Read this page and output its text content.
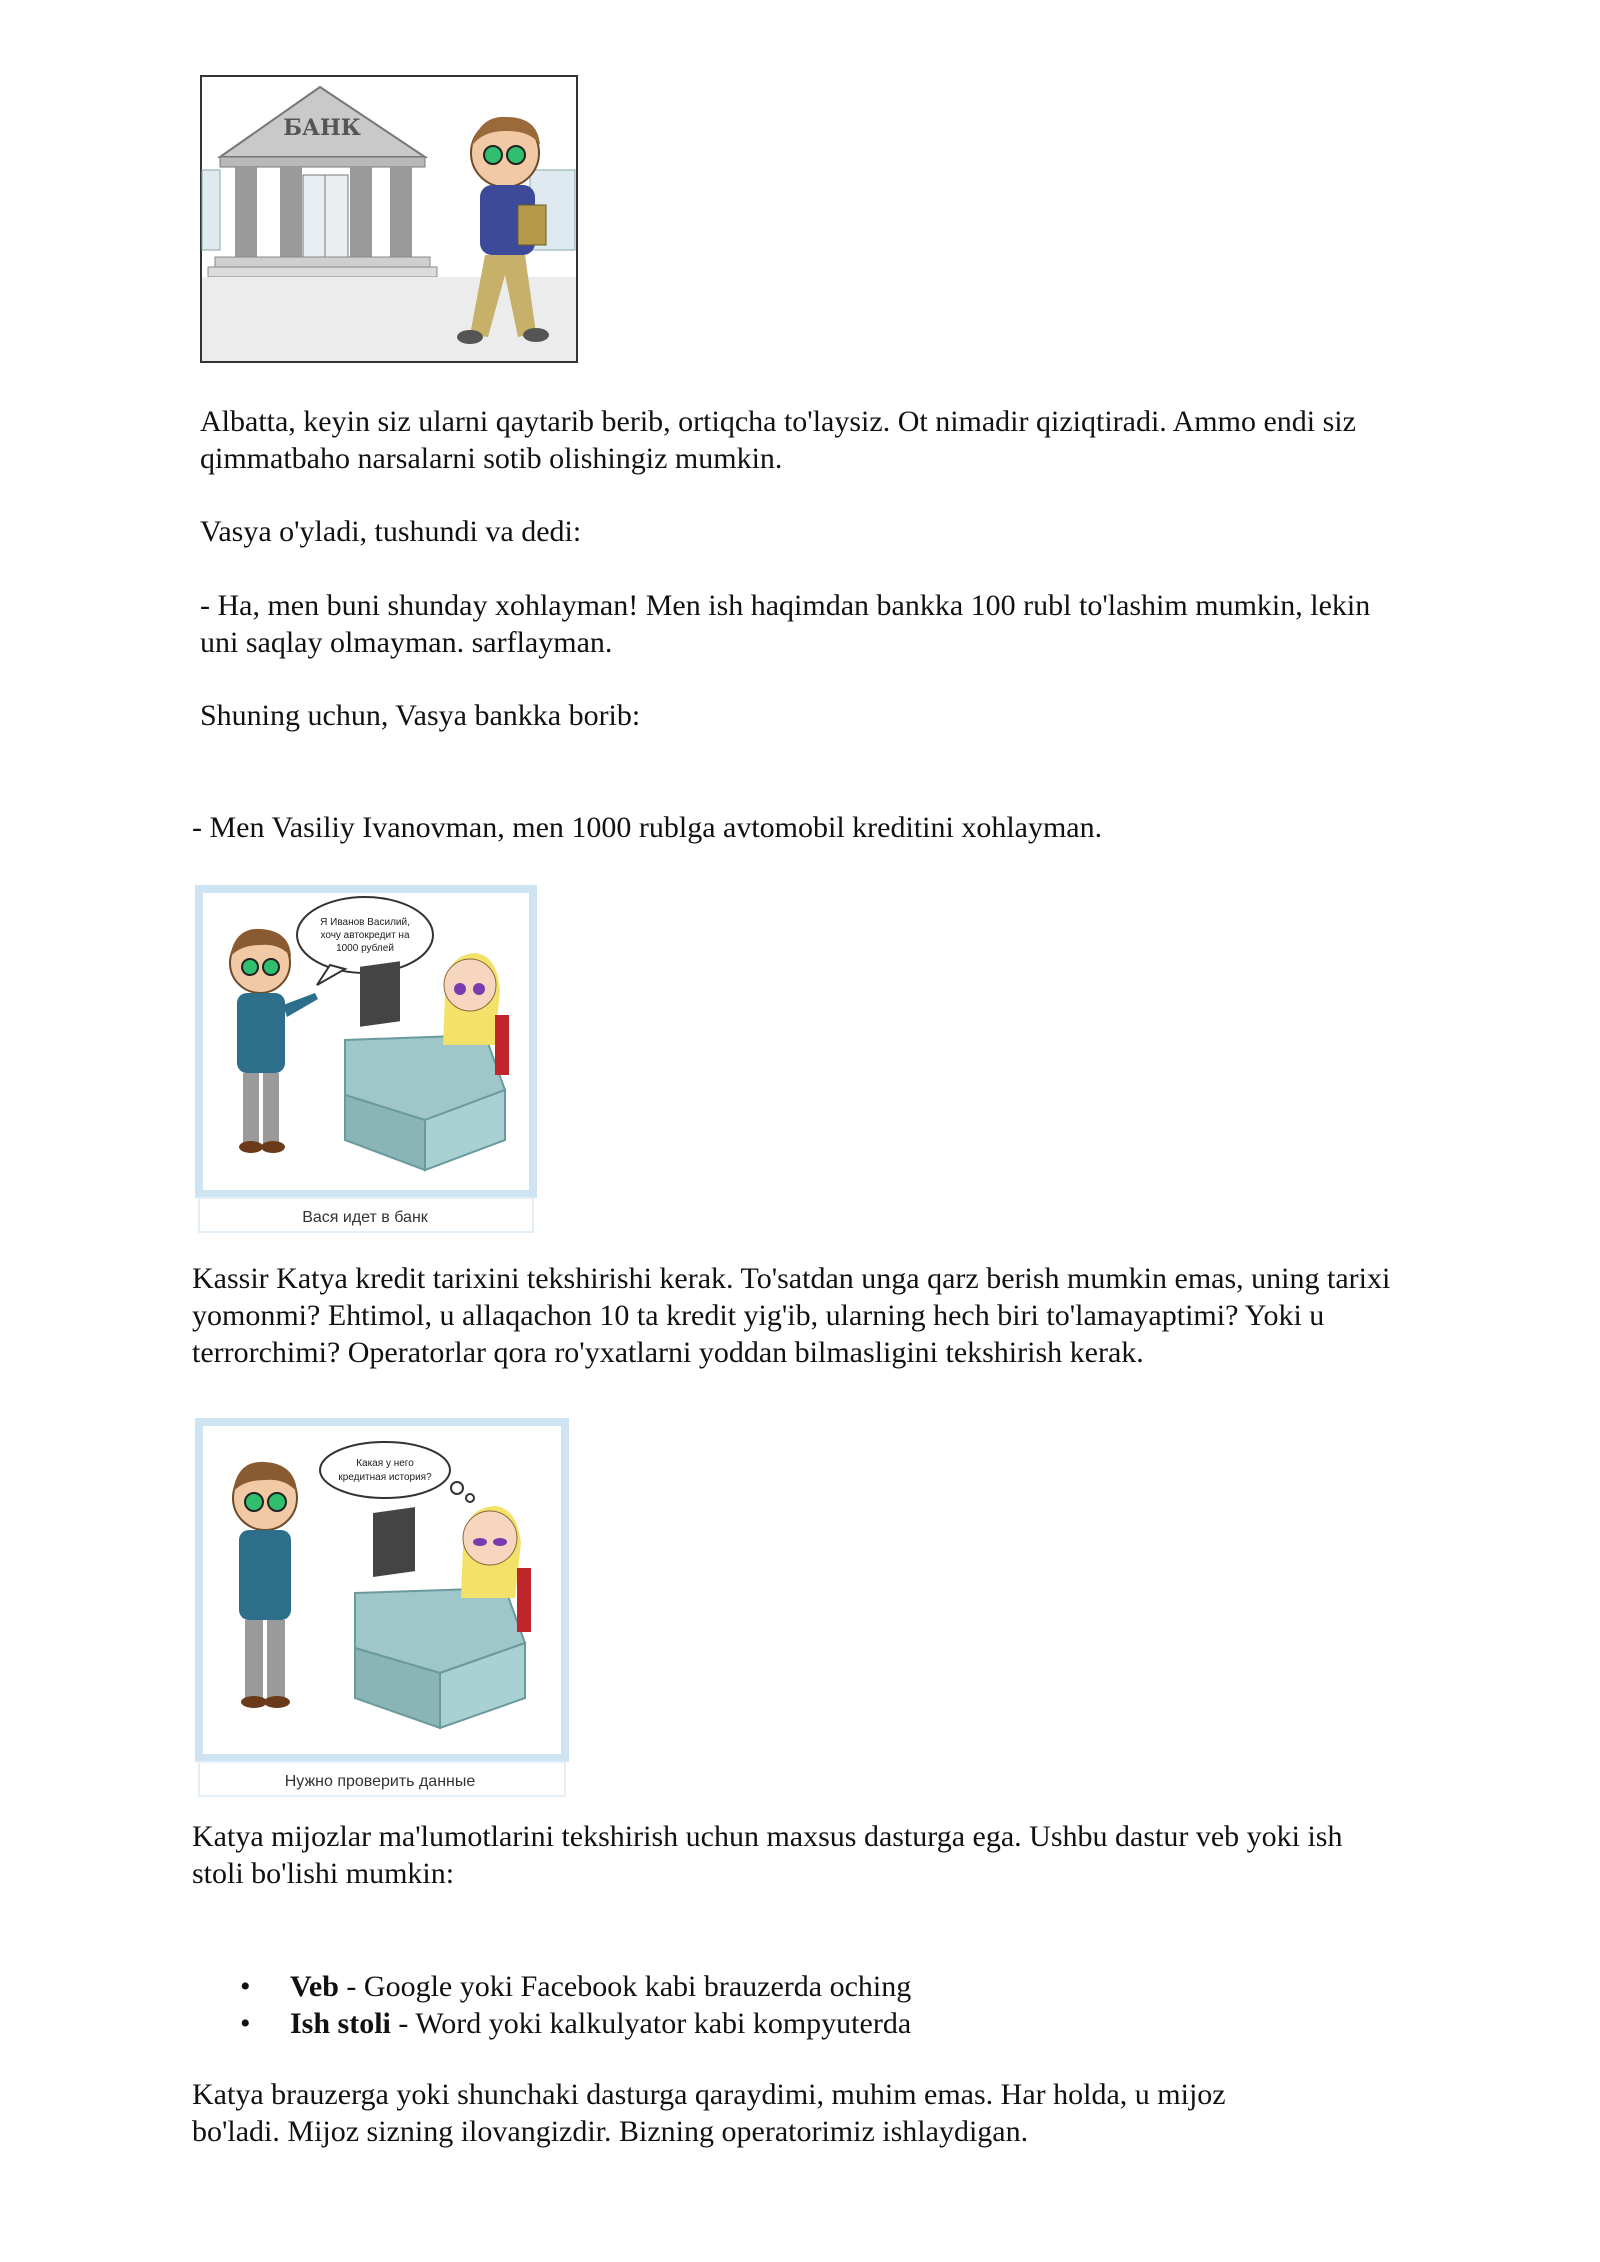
БАНК

Albatta, keyin siz ularni qaytarib berib, ortiqcha to'laysiz. Ot nimadir qiziqtiradi. Ammo endi siz
qimmatbaho narsalarni sotib olishingiz mumkin.

Vasya o'yladi, tushundi va dedi:

- Ha, men buni shunday xohlayman! Men ish haqimdan bankka 100 rubl to'lashim mumkin, lekin
uni saqlay olmayman. sarflayman.

Shuning uchun, Vasya bankka borib:

- Men Vasiliy Ivanovman, men 1000 rublga avtomobil kreditini xohlayman.

Вася идет в банк
Я Иванов Василий,
хочу автокредит на
1000 рублей

Kassir Katya kredit tarixini tekshirishi kerak. To'satdan unga qarz berish mumkin emas, uning tarixi
yomonmi? Ehtimol, u allaqachon 10 ta kredit yig'ib, ularning hech biri to'lamayaptimi? Yoki u
terrorchimi? Operatorlar qora ro'yxatlarni yoddan bilmasligini tekshirish kerak.

Нужно проверить данные
Какая у него
кредитная история?

Katya mijozlar ma'lumotlarini tekshirish uchun maxsus dasturga ega. Ushbu dastur veb yoki ish
stoli bo'lishi mumkin:

• Veb - Google yoki Facebook kabi brauzerda oching
• Ish stoli - Word yoki kalkulyator kabi kompyuterda

Katya brauzerga yoki shunchaki dasturga qaraydimi, muhim emas. Har holda, u mijoz
bo'ladi. Mijoz sizning ilovangizdir. Bizning operatorimiz ishlaydigan.
